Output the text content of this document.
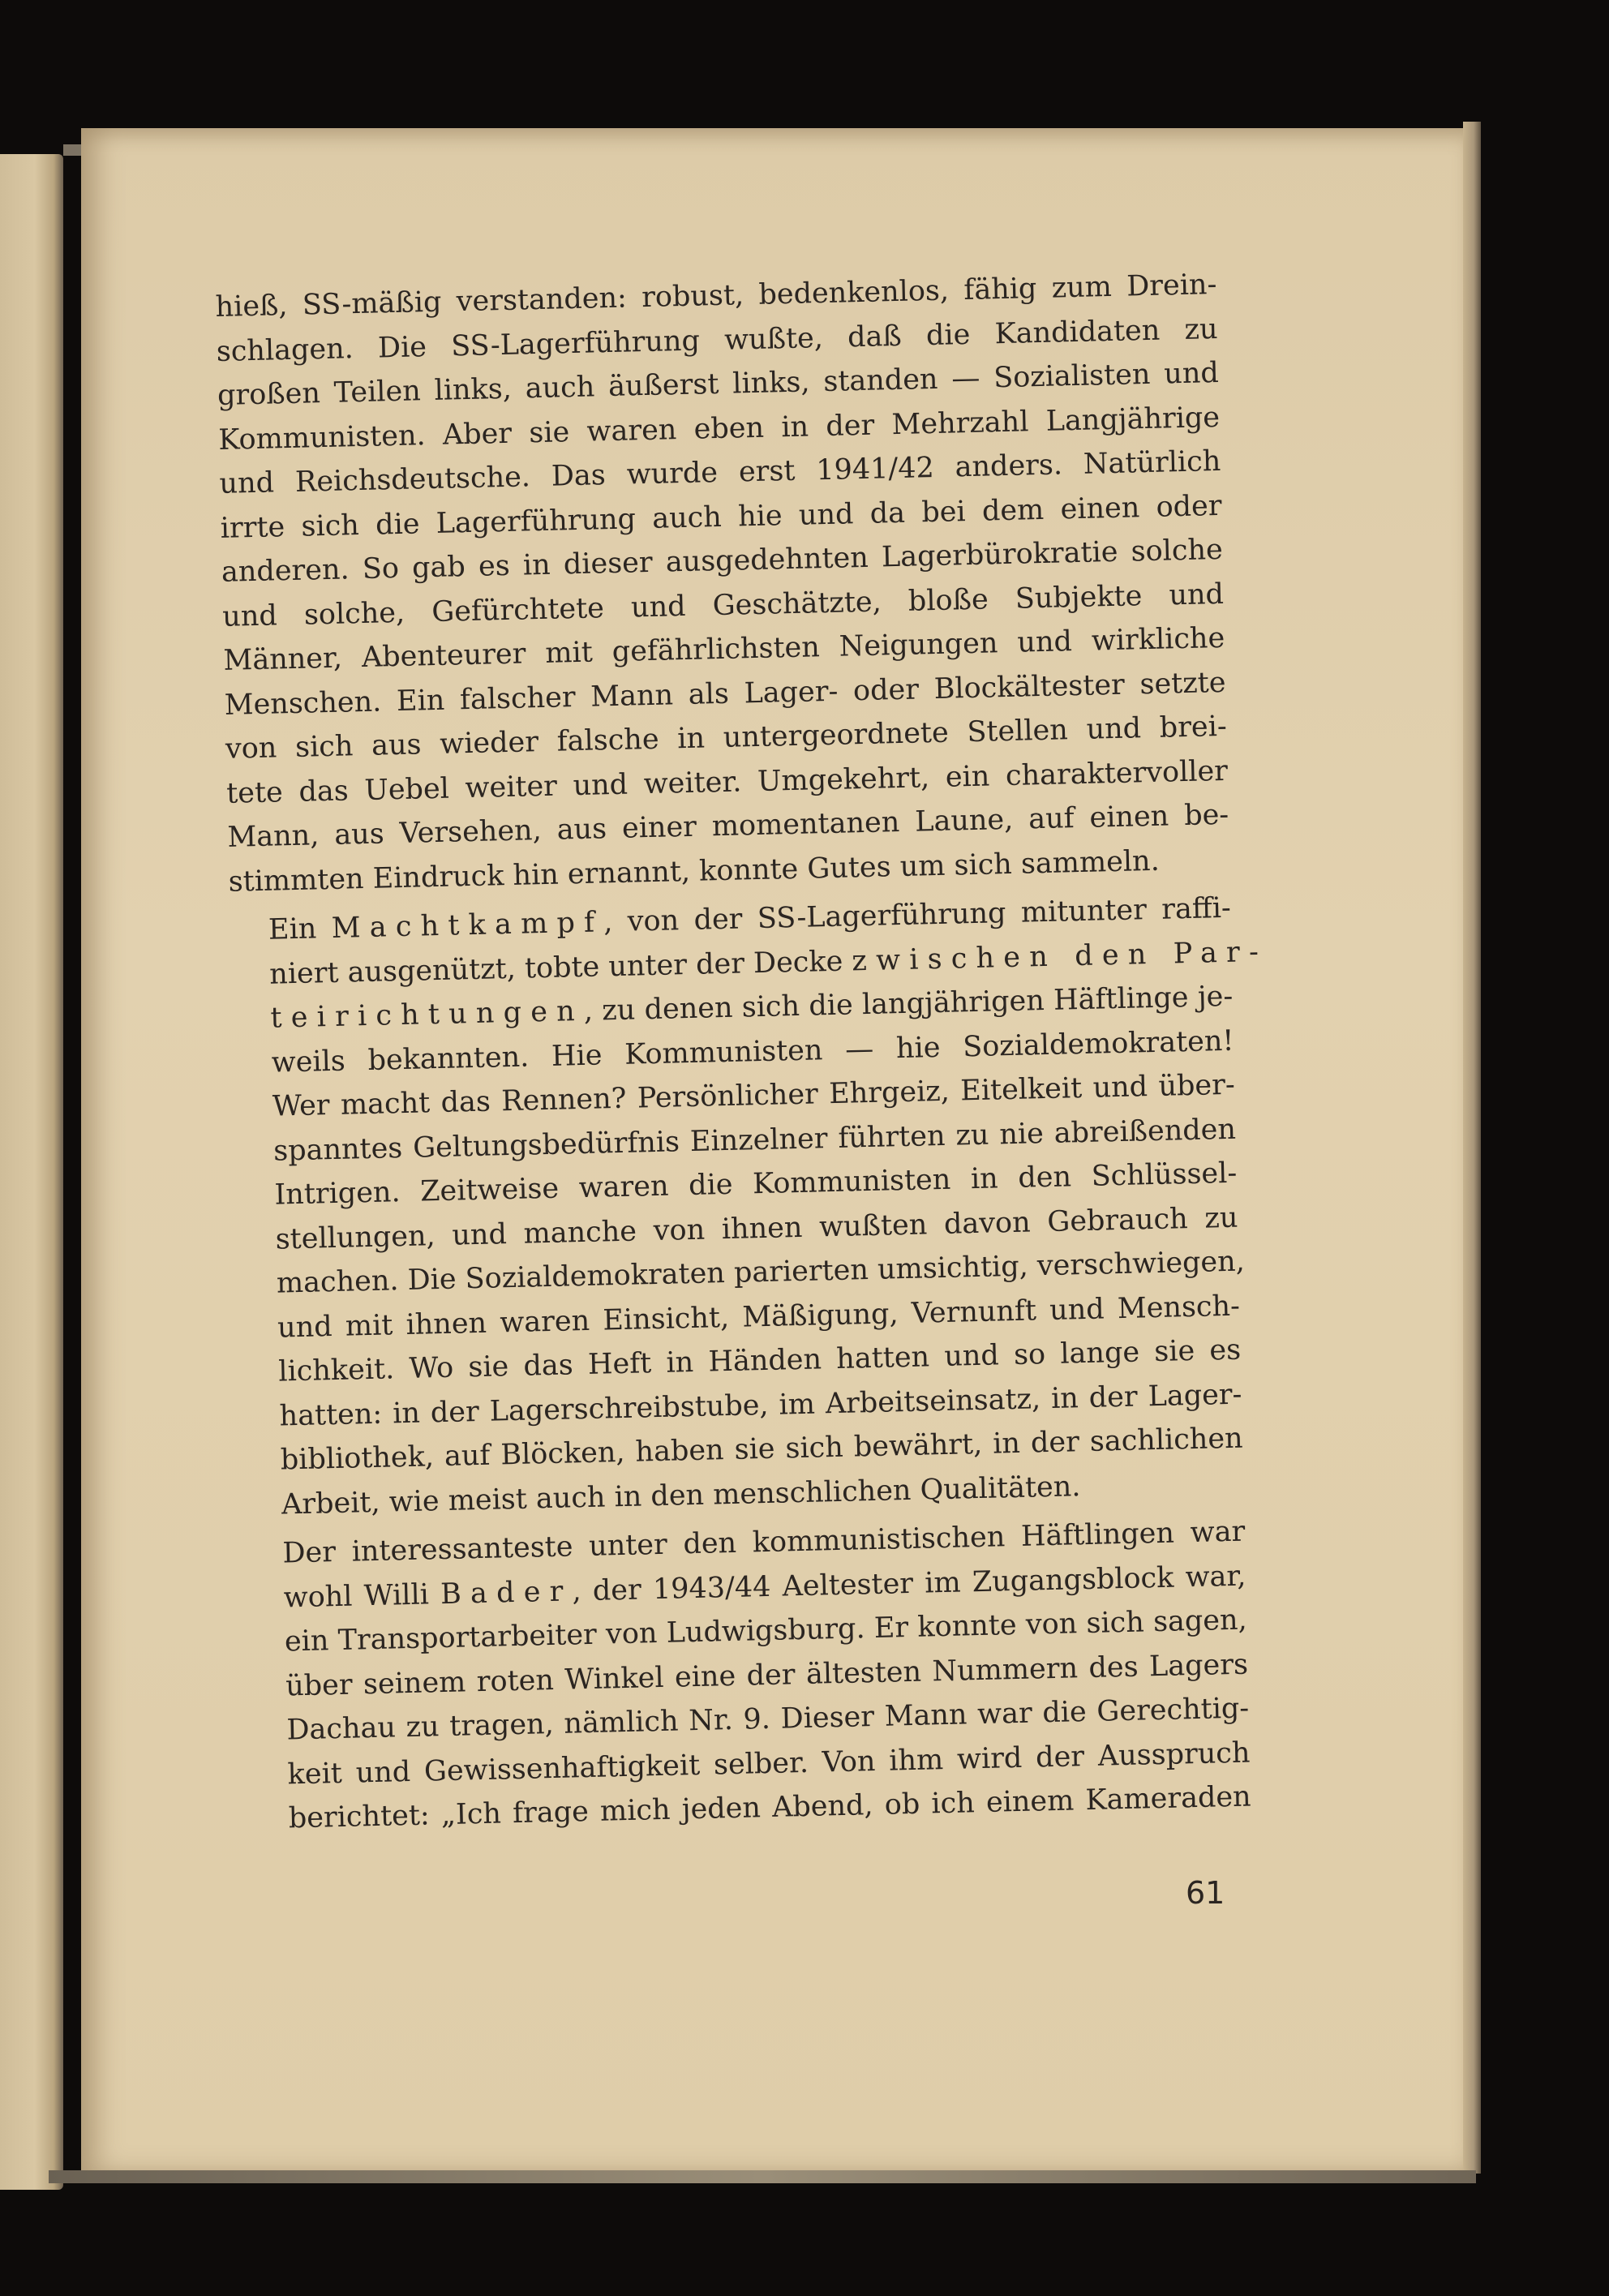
hieß, SS-mäßig verstanden: robust, bedenkenlos, fähig zum Drein-
schlagen. Die SS-Lagerführung wußte, daß die Kandidaten zu
großen Teilen links, auch äußerst links, standen — Sozialisten und
Kommunisten. Aber sie waren eben in der Mehrzahl Langjährige
und Reichsdeutsche. Das wurde erst 1941/42 anders. Natürlich
irrte sich die Lagerführung auch hie und da bei dem einen oder
anderen. So gab es in dieser ausgedehnten Lagerbürokratie solche
und solche, Gefürchtete und Geschätzte, bloße Subjekte und
Männer, Abenteurer mit gefährlichsten Neigungen und wirkliche
Menschen. Ein falscher Mann als Lager- oder Blockältester setzte
von sich aus wieder falsche in untergeordnete Stellen und brei-
tete das Uebel weiter und weiter. Umgekehrt, ein charaktervoller
Mann, aus Versehen, aus einer momentanen Laune, auf einen be-
stimmten Eindruck hin ernannt, konnte Gutes um sich sammeln.

Ein Machtkampf, von der SS-Lagerführung mitunter raffi-
niert ausgenützt, tobte unter der Decke zwischen den Par-
teirichtungen, zu denen sich die langjährigen Häftlinge je-
weils bekannten. Hie Kommunisten — hie Sozialdemokraten!
Wer macht das Rennen? Persönlicher Ehrgeiz, Eitelkeit und über-
spanntes Geltungsbedürfnis Einzelner führten zu nie abreißenden
Intrigen. Zeitweise waren die Kommunisten in den Schlüssel-
stellungen, und manche von ihnen wußten davon Gebrauch zu
machen. Die Sozialdemokraten parierten umsichtig, verschwiegen,
und mit ihnen waren Einsicht, Mäßigung, Vernunft und Mensch-
lichkeit. Wo sie das Heft in Händen hatten und so lange sie es
hatten: in der Lagerschreibstube, im Arbeitseinsatz, in der Lager-
bibliothek, auf Blöcken, haben sie sich bewährt, in der sachlichen
Arbeit, wie meist auch in den menschlichen Qualitäten.

Der interessanteste unter den kommunistischen Häftlingen war
wohl Willi Bader, der 1943/44 Aeltester im Zugangsblock war,
ein Transportarbeiter von Ludwigsburg. Er konnte von sich sagen,
über seinem roten Winkel eine der ältesten Nummern des Lagers
Dachau zu tragen, nämlich Nr. 9. Dieser Mann war die Gerechtig-
keit und Gewissenhaftigkeit selber. Von ihm wird der Ausspruch
berichtet: „Ich frage mich jeden Abend, ob ich einem Kameraden

61
